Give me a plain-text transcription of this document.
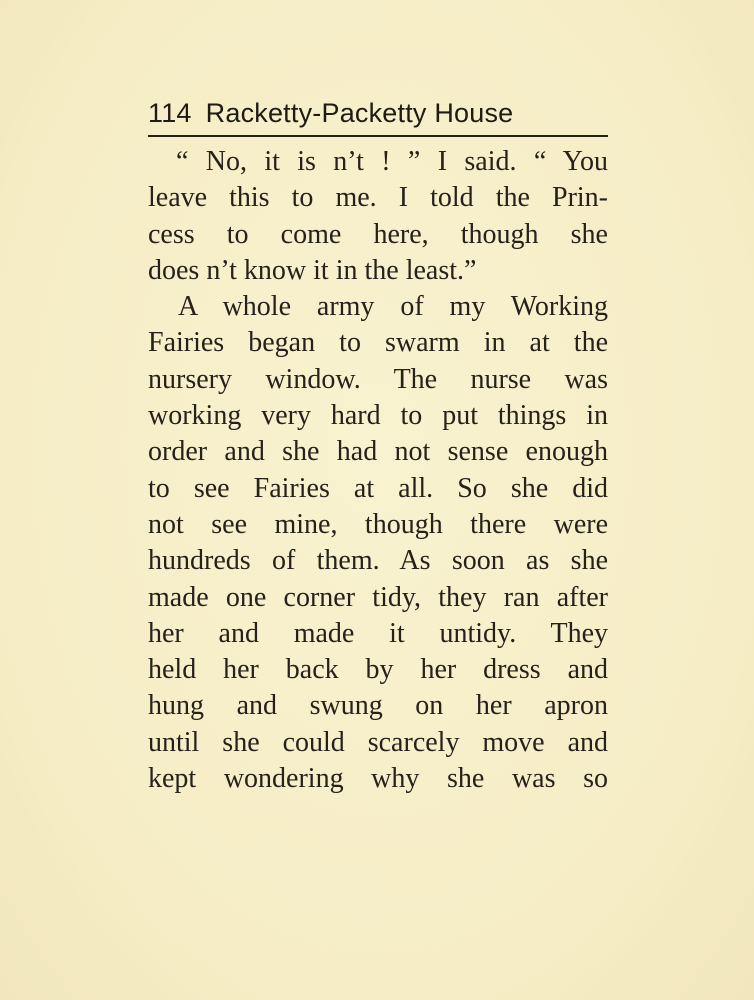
114 Racketty-Packetty House
“ No, it is n’t ! ” I said. “ You
leave this to me. I told the Prin-
cess to come here, though she
does n’t know it in the least.”
A whole army of my Working
Fairies began to swarm in at the
nursery window. The nurse was
working very hard to put things in
order and she had not sense enough
to see Fairies at all. So she did
not see mine, though there were
hundreds of them. As soon as she
made one corner tidy, they ran after
her and made it untidy. They
held her back by her dress and
hung and swung on her apron
until she could scarcely move and
kept wondering why she was so
